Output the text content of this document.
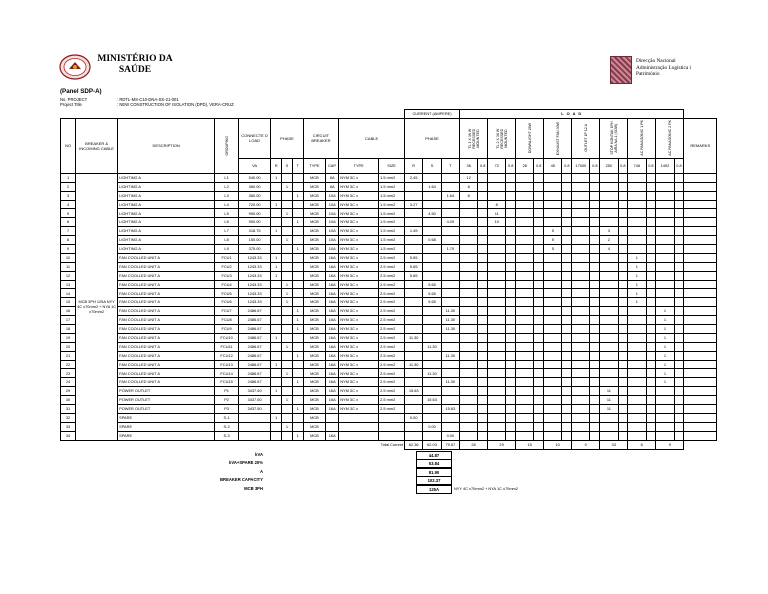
MINISTÉRIO DA SAÚDE
Direcção Nacional
Administração Logística i
Património
(Panel SDP-A)
No. PROJECT	: RDTL-MS-C10-DNA-SS-21-001
Project Title	: NEW CONSTRUCTION OF ISOLATION (DPD), VERA-CRUZ
												CURRENT (AMPERE)			L O A D																
NO	BREAKER & INCOMING CABLE	DESCRIPTION	GROUPING	CONNECTE D LOAD	PHASE			CIRCUIT BREAKER		CABLE		PHASE			TL 1 X 36 W RECESSED MOUNTED		TL 2 X 36 W RECESSED MOUNTED		DOWNLIGHT 26W		EXHAUST FAN 30W		OUTLET 1P 12 A		STOP KONTAK 1PH AIRA NA 1 (SOW)		AC PANASONIC 1 PK		AC PANASONIC 2 PK		REMARKS
				VA	R	S	T	TYPE	CAP.	TYPE	SIZE	R	S	T	36	0.8	72	0.8	26	0.8	45	0.8	17000	0.8	250	0.8	746	0.8	1492	0.8	
1	MCB 3PH 125A NYY 4C x70mm2 + NYA 1C x70mm2	LIGHTING A	L1	540.00	1			MCB	6A	NYM 3C x	1.5 mm2	2.45			12																
2		LIGHTING A	L2	360.00		1		MCB	6A	NYM 3C x	1.5 mm2		1.64		8																
3		LIGHTING A	L3	360.00			1	MCB	10A	NYM 3C x	1.5 mm2			1.64	8																
4		LIGHTING A	L4	720.00	1			MCB	10A	NYM 3C x	1.5 mm2	3.27					8														
5		LIGHTING A	L5	990.00		1		MCB	10A	NYM 3C x	1.5 mm2		4.50				11														
6		LIGHTING A	L6	900.00			1	MCB	10A	NYM 3C x	1.5 mm2			4.09			10														
7		LIGHTING A	L7	318.75	1			MCB	10A	NYM 3C x	1.5 mm2	1.45									5				3						
8		LIGHTING A	L8	150.00		1		MCB	10A	NYM 3C x	1.5 mm2		0.68								5				2						
9		LIGHTING A	L9	375.00			1	MCB	10A	NYM 3C x	1.5 mm2			1.70							5				4						
10		FAN COOLLED UNIT A	FCU1	1243.33	1			MCB	16A	NYM 3C x	2.5 mm2	5.65															1				
11		FAN COOLLED UNIT A	FCU2	1243.33	1			MCB	16A	NYM 3C x	2.5 mm2	5.65															1				
12		FAN COOLLED UNIT A	FCU3	1243.33	1			MCB	16A	NYM 3C x	2.5 mm2	5.65															1				
13		FAN COOLLED UNIT A	FCU4	1243.33		1		MCB	16A	NYM 3C x	2.5 mm2		5.65														1				
14		FAN COOLLED UNIT A	FCU5	1243.33		1		MCB	16A	NYM 3C x	2.5 mm2		5.65														1				
15		FAN COOLLED UNIT A	FCU6	1243.33		1		MCB	16A	NYM 3C x	2.5 mm2		5.65														1				
16		FAN COOLLED UNIT A	FCU7	2486.67			1	MCB	16A	NYM 3C x	2.5 mm2			11.30															1		
17		FAN COOLLED UNIT A	FCU8	2486.67			1	MCB	16A	NYM 3C x	2.5 mm2			11.30															1		
18		FAN COOLLED UNIT A	FCU9	2486.67			1	MCB	16A	NYM 3C x	2.5 mm2			11.30															1		
19		FAN COOLLED UNIT A	FCU10	2486.67	1			MCB	16A	NYM 3C x	2.5 mm2	11.30																	1		
20		FAN COOLLED UNIT A	FCU11	2486.67		1		MCB	16A	NYM 3C x	2.5 mm2		11.30																1		
21		FAN COOLLED UNIT A	FCU12	2486.67			1	MCB	16A	NYM 3C x	2.5 mm2			11.30															1		
22		FAN COOLLED UNIT A	FCU13	2486.67	1			MCB	16A	NYM 3C x	2.5 mm2	11.30																	1		
23		FAN COOLLED UNIT A	FCU14	2486.67		1		MCB	16A	NYM 3C x	2.5 mm2		11.30																1		
24		FAN COOLLED UNIT A	FCU15	2486.67			1	MCB	16A	NYM 3C x	2.5 mm2			11.30															1		
29		POWER OUTLET	P1	3437.50	1			MCB	16A	NYM 3C x	2.5 mm2	15.63													11						
30		POWER OUTLET	P2	3437.50		1		MCB	16A	NYM 3C x	2.5 mm2		15.63												11						
31		POWER OUTLET	P3	3437.50			1	MCB	16A	NYM 3C x	2.5 mm2			15.63											11						
32		SPARE	S-1		1			MCB				0.00																			
33		SPARE	S-2			1		MCB					0.00																		
34		SPARE	S-3				1	MCB	16A					0.00																	
Total Current												62.36	62.03	79.57	28		29		15		10		0		33		6		9		
kVA	44.87
kVA+SPARE 20%	53.84
A	81.90
BREAKER CAPACITY	102.37
MCB 3PH	125A	NYY 4C x70mm2 + NYA 1C x70mm2
